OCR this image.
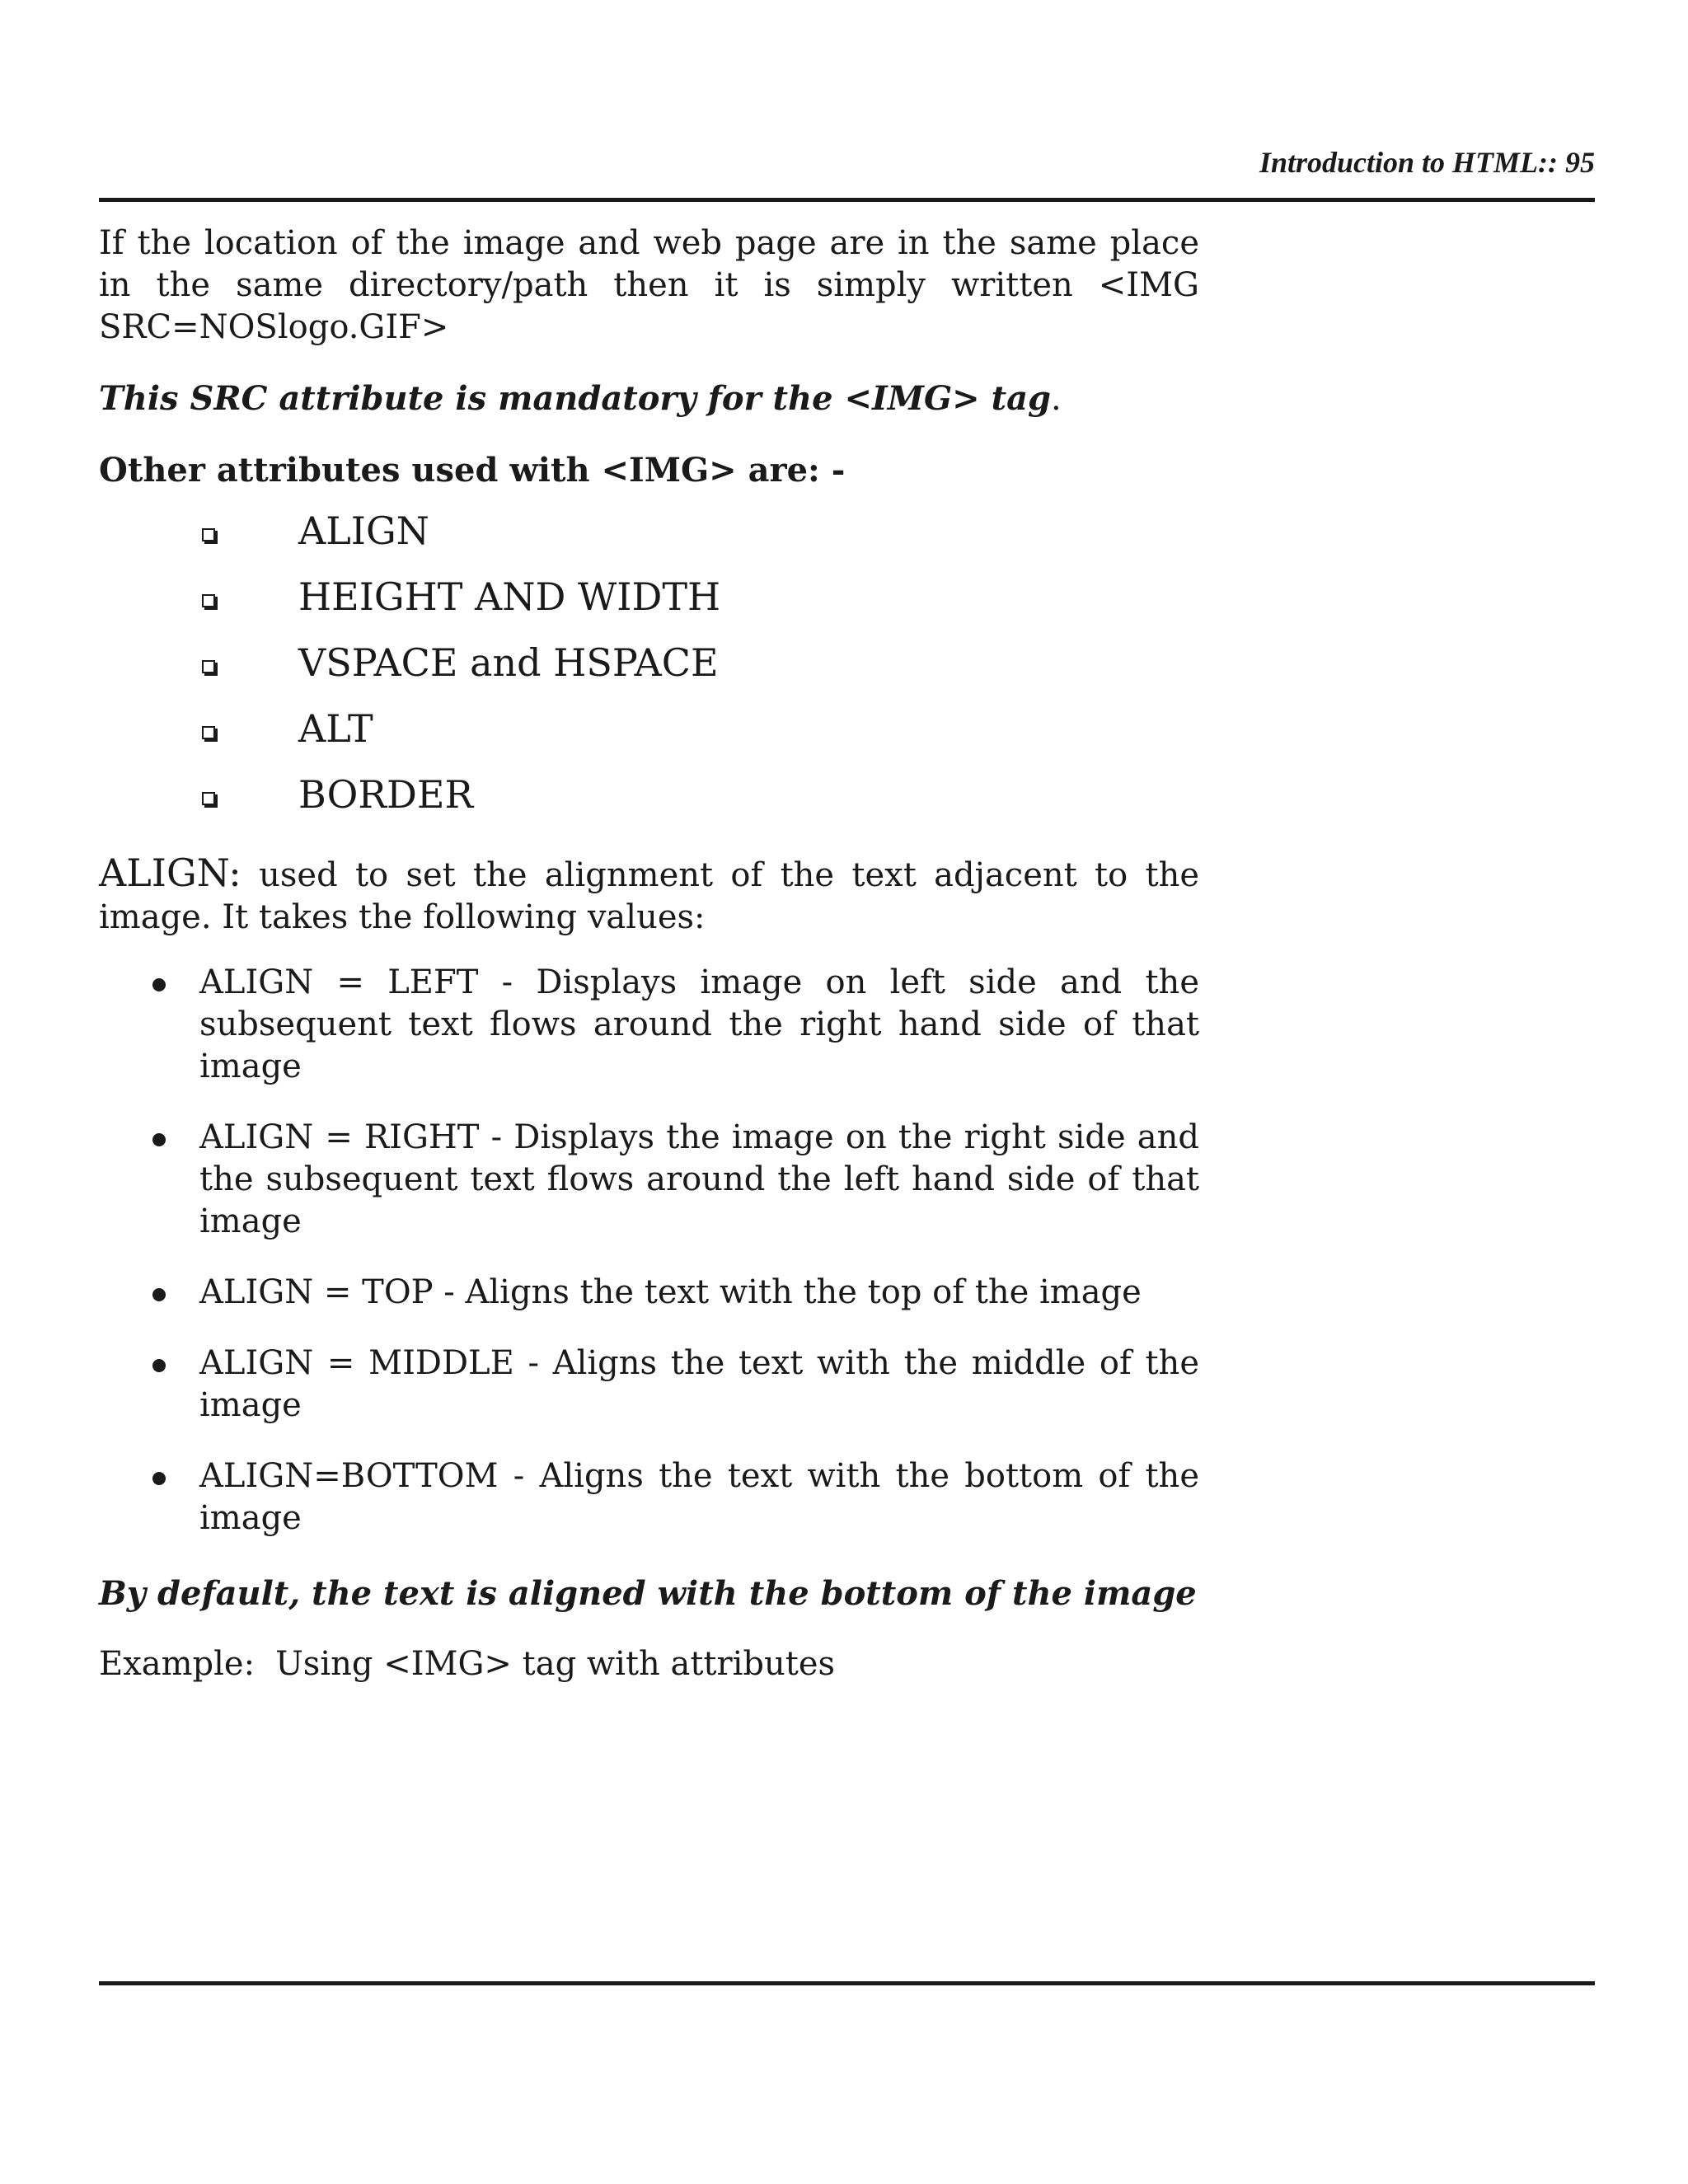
Introduction to HTML:: 95

If the location of the image and web page are in the same place in the same directory/path then it is simply written <IMG SRC=NOSlogo.GIF>

This SRC attribute is mandatory for the <IMG> tag.

Other attributes used with <IMG> are: -

ALIGN
HEIGHT AND WIDTH
VSPACE and HSPACE
ALT
BORDER

ALIGN: used to set the alignment of the text adjacent to the image. It takes the following values:

ALIGN = LEFT - Displays image on left side and the subsequent text flows around the right hand side of that image
ALIGN = RIGHT - Displays the image on the right side and the subsequent text flows around the left hand side of that image
ALIGN = TOP - Aligns the text with the top of the image
ALIGN = MIDDLE - Aligns the text with the middle of the image
ALIGN=BOTTOM - Aligns the text with the bottom of the image

By default, the text is aligned with the bottom of the image

Example: Using <IMG> tag with attributes
